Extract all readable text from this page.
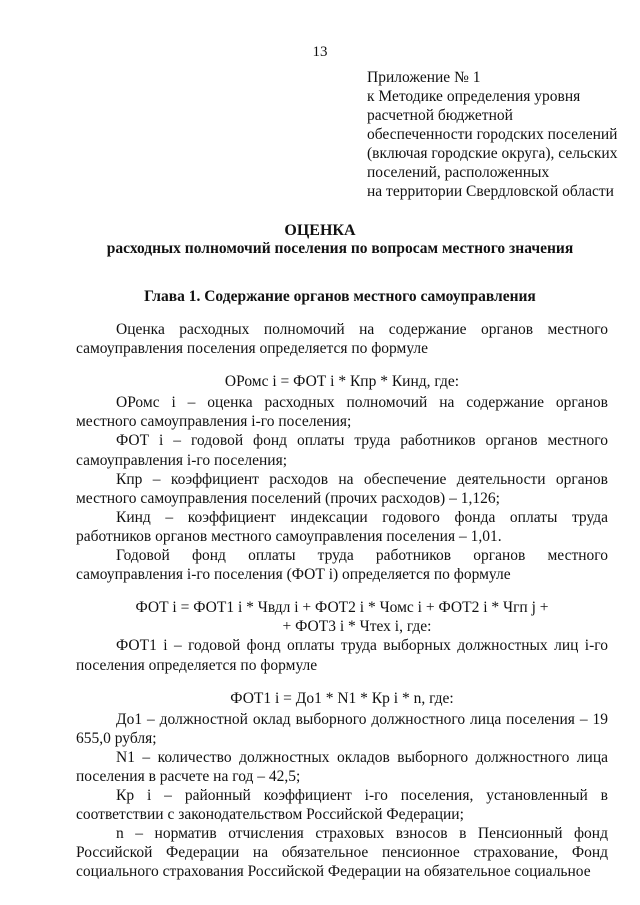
13
Приложение № 1
к Методике определения уровня
расчетной бюджетной
обеспеченности городских поселений
(включая городские округа), сельских
поселений, расположенных
на территории Свердловской области
ОЦЕНКА
расходных полномочий поселения по вопросам местного значения
Глава 1. Содержание органов местного самоуправления

Оценка расходных полномочий на содержание органов местного самоуправления поселения определяется по формуле

ОРомс i = ФОТ i * Кпр * Кинд, где:

ОРомс i – оценка расходных полномочий на содержание органов местного самоуправления i-го поселения;

ФОТ i – годовой фонд оплаты труда работников органов местного самоуправления i-го поселения;

Кпр – коэффициент расходов на обеспечение деятельности органов местного самоуправления поселений (прочих расходов) – 1,126;

Кинд – коэффициент индексации годового фонда оплаты труда работников органов местного самоуправления поселения – 1,01.

Годовой фонд оплаты труда работников органов местного самоуправления i-го поселения (ФОТ i) определяется по формуле

ФОТ i = ФОТ1 i * Чвдл i + ФОТ2 i * Чомс i + ФОТ2 i * Чгп j +

+ ФОТ3 i * Чтех i, где:

ФОТ1 i – годовой фонд оплаты труда выборных должностных лиц i-го поселения определяется по формуле

ФОТ1 i = До1 * N1 * Кр i * n, где:

До1 – должностной оклад выборного должностного лица поселения – 19 655,0 рубля;

N1 – количество должностных окладов выборного должностного лица поселения в расчете на год – 42,5;

Кр i – районный коэффициент i-го поселения, установленный в соответствии с законодательством Российской Федерации;

n – норматив отчисления страховых взносов в Пенсионный фонд Российской Федерации на обязательное пенсионное страхование, Фонд социального страхования Российской Федерации на обязательное социальное
